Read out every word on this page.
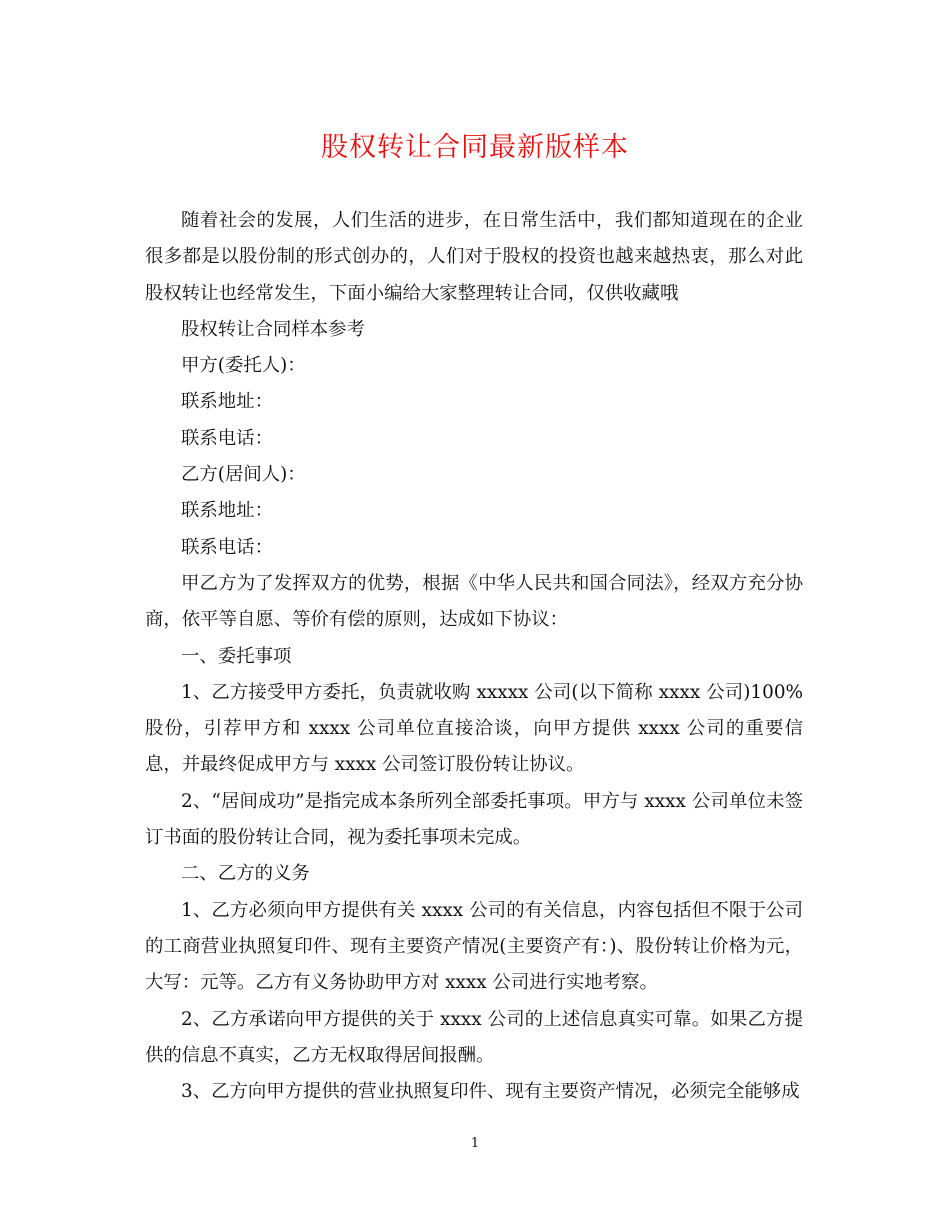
股权转让合同最新版样本

随着社会的发展，人们生活的进步，在日常生活中，我们都知道现在的企业很多都是以股份制的形式创办的，人们对于股权的投资也越来越热衷，那么对此股权转让也经常发生，下面小编给大家整理转让合同，仅供收藏哦

股权转让合同样本参考

甲方(委托人)：

联系地址：

联系电话：

乙方(居间人)：

联系地址：

联系电话：

甲乙方为了发挥双方的优势，根据《中华人民共和国合同法》，经双方充分协商，依平等自愿、等价有偿的原则，达成如下协议：

一、委托事项

1、乙方接受甲方委托，负责就收购 xxxxx 公司(以下简称 xxxx 公司)100%股份，引荐甲方和 xxxx 公司单位直接洽谈，向甲方提供 xxxx 公司的重要信息，并最终促成甲方与 xxxx 公司签订股份转让协议。

2、“居间成功”是指完成本条所列全部委托事项。甲方与 xxxx 公司单位未签订书面的股份转让合同，视为委托事项未完成。

二、乙方的义务

1、乙方必须向甲方提供有关 xxxx 公司的有关信息，内容包括但不限于公司的工商营业执照复印件、现有主要资产情况(主要资产有：)、股份转让价格为元，大写：元等。乙方有义务协助甲方对 xxxx 公司进行实地考察。

2、乙方承诺向甲方提供的关于 xxxx 公司的上述信息真实可靠。如果乙方提供的信息不真实，乙方无权取得居间报酬。

3、乙方向甲方提供的营业执照复印件、现有主要资产情况，必须完全能够成

1
